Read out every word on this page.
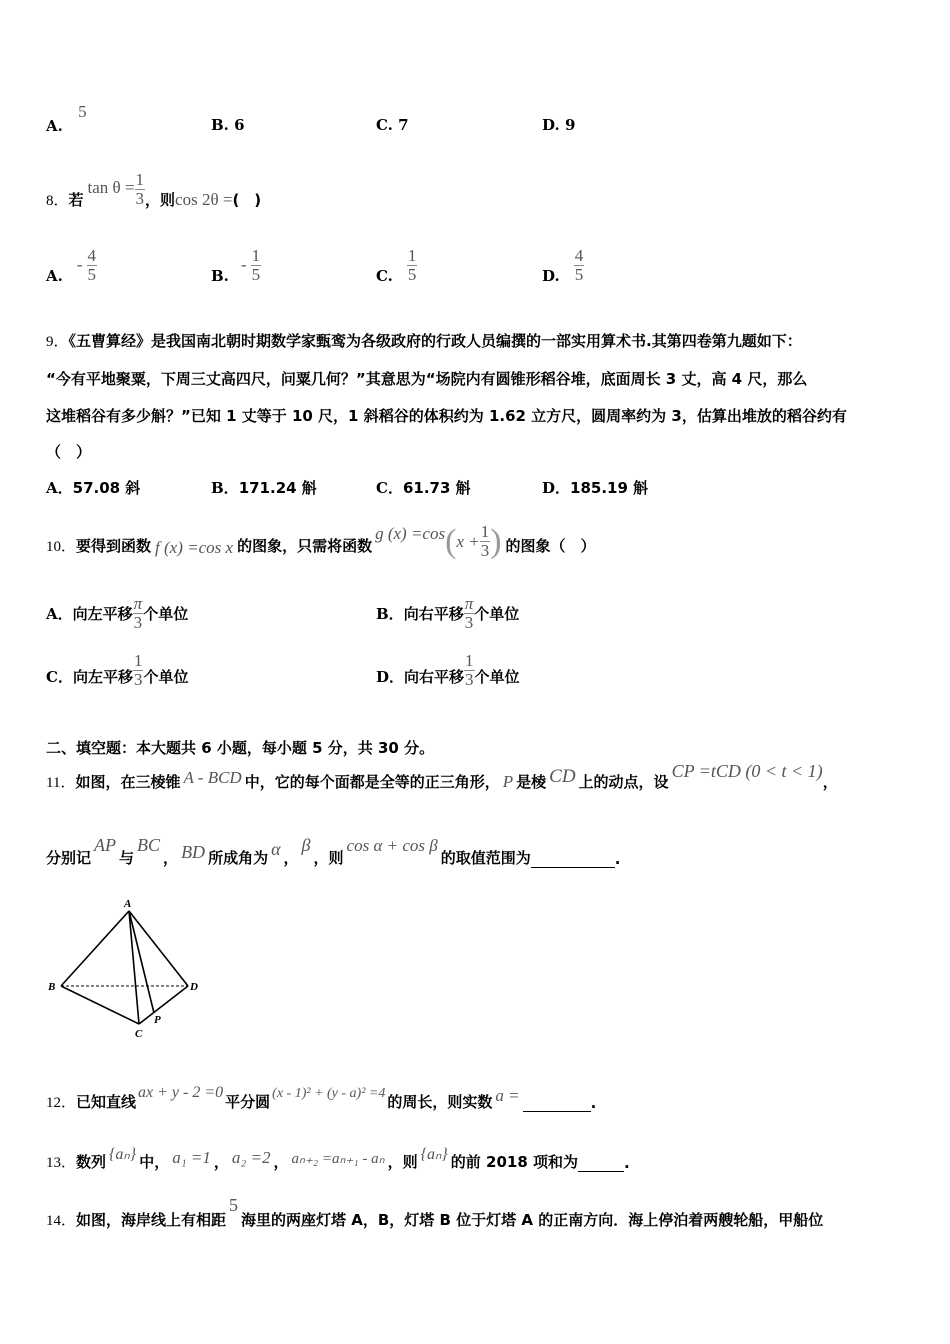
A. 5
B. 6	C. 7	D. 9
8． 若
$\tan \theta = \frac{1}{3}$ ，则 cos 2θ = (　)
A.
- $\frac{4}{5}$	B.
- $\frac{1}{5}$	C. $\frac{1}{5}$	D. $\frac{4}{5}$
9．《五曹算经》是我国南北朝时期数学家甄鸾为各级政府的行政人员编撰的一部实用算术书.其第四卷第九题如下：
“今有平地聚粟，下周三丈高四尺，问粟几何？”其意思为“场院内有圆锥形稻谷堆，底面周长 3 丈，高 4 尺，那么
这堆稻谷有多少斛？”已知 1 丈等于 10 尺，1 斜稻谷的体积约为 1.62 立方尺，圆周率约为 3，估算出堆放的稻谷约有
（　）
A．57.08 斜	B．171.24 斛	C．61.73 斛	D．185.19 斛
10． 要得到函数 f (x) =cos x 的图象，只需将函数
g (x) =cos ( $x + \frac{1}{3}$ ) 的图象（　）
A． 向左平移 $\frac{\pi}{3}$ 个单位	B． 向右平移 $\frac{\pi}{3}$ 个单位
C． 向左平移 $\frac{1}{3}$ 个单位	D． 向右平移 $\frac{1}{3}$ 个单位
二、填空题：本大题共 6 小题，每小题 5 分，共 30 分。
11． 如图，在三棱锥 A - BCD 中，它的每个面都是全等的正三角形， P 是棱 CD 上的动点，设
CP =tCD (0 < t < 1)
，
分别记
AP
与
BC
， BD 所成角为 α ，
β
，则
cos α + cos β
的取值范围为	.
A
B	D
C
P
12． 已知直线
ax + y - 2 =0
平分圆 (x - 1)² + (y - a)² =4 的周长，则实数 a =	.
13． 数列 {aₙ} 中， a₁ =1 ， a₂ =2 ， aₙ₊₂ =aₙ₊₁ - aₙ ，则 {aₙ} 的前 2018 项和为	.
14． 如图，海岸线上有相距
5
海里的两座灯塔 A，B，灯塔 B 位于灯塔 A 的正南方向．海上停泊着两艘轮船，甲船位
